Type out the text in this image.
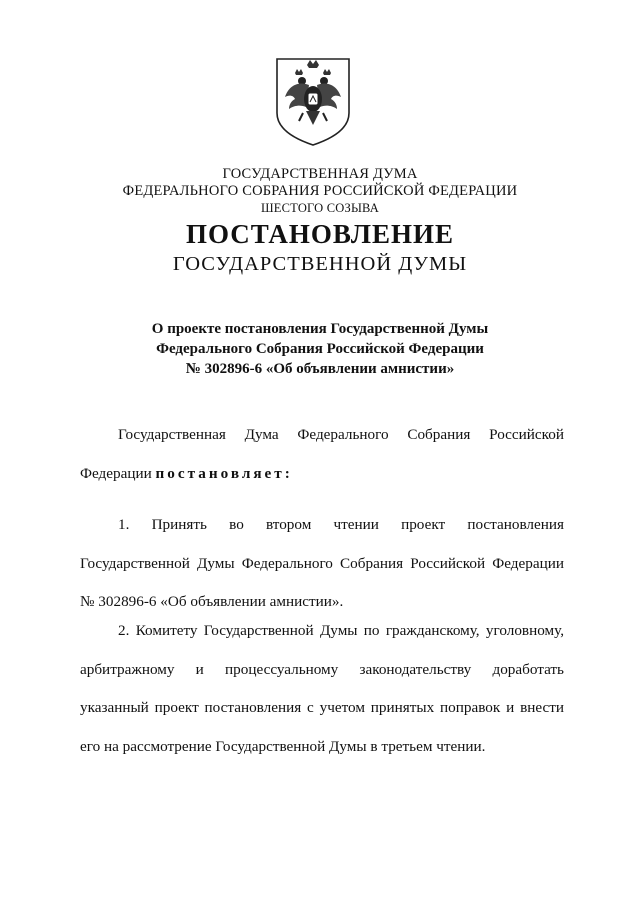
ГОСУДАРСТВЕННАЯ ДУМА
ФЕДЕРАЛЬНОГО СОБРАНИЯ РОССИЙСКОЙ ФЕДЕРАЦИИ
ШЕСТОГО СОЗЫВА
ПОСТАНОВЛЕНИЕ
ГОСУДАРСТВЕННОЙ ДУМЫ
О проекте постановления Государственной Думы
Федерального Собрания Российской Федерации
№ 302896-6 «Об объявлении амнистии»
Государственная Дума Федерального Собрания Российской Федерации постановляет:
1. Принять во втором чтении проект постановления Государственной Думы Федерального Собрания Российской Федерации № 302896-6 «Об объявлении амнистии».
2. Комитету Государственной Думы по гражданскому, уголовному, арбитражному и процессуальному законодательству доработать указанный проект постановления с учетом принятых поправок и внести его на рассмотрение Государственной Думы в третьем чтении.
